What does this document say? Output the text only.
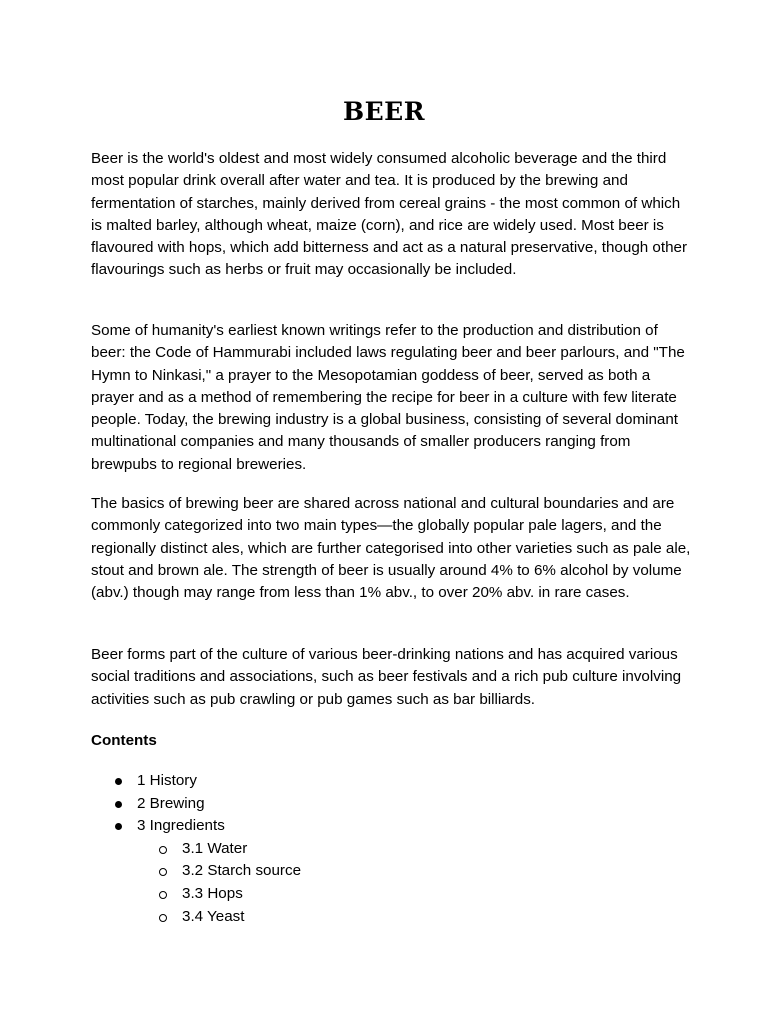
BEER

Beer is the world's oldest and most widely consumed alcoholic beverage and the third most popular drink overall after water and tea. It is produced by the brewing and fermentation of starches, mainly derived from cereal grains - the most common of which is malted barley, although wheat, maize (corn), and rice are widely used. Most beer is flavoured with hops, which add bitterness and act as a natural preservative, though other flavourings such as herbs or fruit may occasionally be included.

Some of humanity's earliest known writings refer to the production and distribution of beer: the Code of Hammurabi included laws regulating beer and beer parlours, and "The Hymn to Ninkasi," a prayer to the Mesopotamian goddess of beer, served as both a prayer and as a method of remembering the recipe for beer in a culture with few literate people. Today, the brewing industry is a global business, consisting of several dominant multinational companies and many thousands of smaller producers ranging from brewpubs to regional breweries.

The basics of brewing beer are shared across national and cultural boundaries and are commonly categorized into two main types—the globally popular pale lagers, and the regionally distinct ales, which are further categorised into other varieties such as pale ale, stout and brown ale. The strength of beer is usually around 4% to 6% alcohol by volume (abv.) though may range from less than 1% abv., to over 20% abv. in rare cases.

Beer forms part of the culture of various beer-drinking nations and has acquired various social traditions and associations, such as beer festivals and a rich pub culture involving activities such as pub crawling or pub games such as bar billiards.

Contents
1 History
2 Brewing
3 Ingredients
3.1 Water
3.2 Starch source
3.3 Hops
3.4 Yeast
